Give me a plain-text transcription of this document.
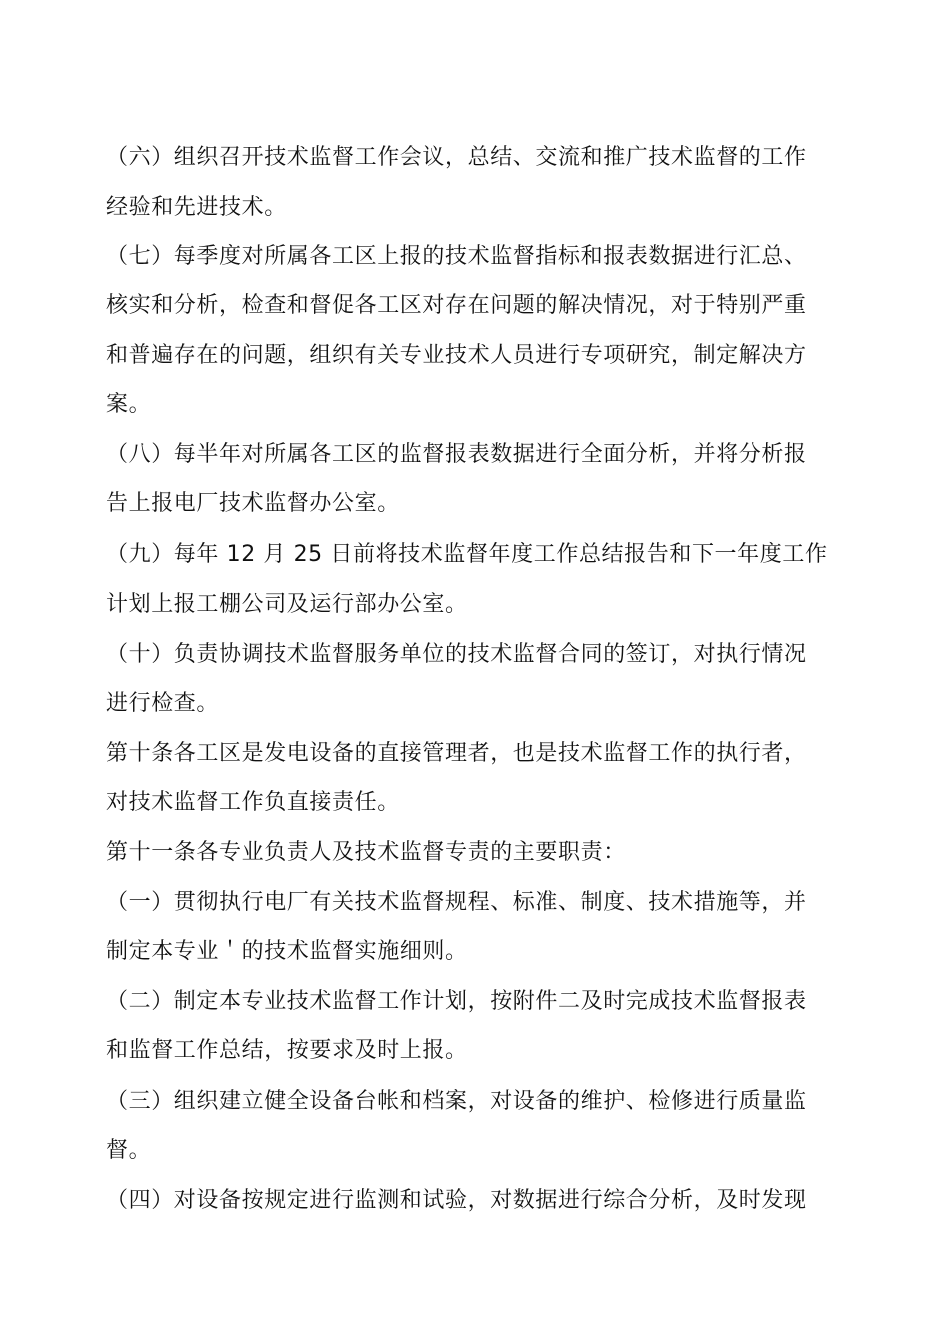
（六）组织召开技术监督工作会议，总结、交流和推广技术监督的工作
经验和先进技术。
（七）每季度对所属各工区上报的技术监督指标和报表数据进行汇总、
核实和分析，检查和督促各工区对存在问题的解决情况，对于特别严重
和普遍存在的问题，组织有关专业技术人员进行专项研究，制定解决方
案。
（八）每半年对所属各工区的监督报表数据进行全面分析，并将分析报
告上报电厂技术监督办公室。
（九）每年 12 月 25 日前将技术监督年度工作总结报告和下一年度工作
计划上报工棚公司及运行部办公室。
（十）负责协调技术监督服务单位的技术监督合同的签订，对执行情况
进行检查。
第十条各工区是发电设备的直接管理者，也是技术监督工作的执行者，
对技术监督工作负直接责任。
第十一条各专业负责人及技术监督专责的主要职责：
（一）贯彻执行电厂有关技术监督规程、标准、制度、技术措施等，并
制定本专业＇的技术监督实施细则。
（二）制定本专业技术监督工作计划，按附件二及时完成技术监督报表
和监督工作总结，按要求及时上报。
（三）组织建立健全设备台帐和档案，对设备的维护、检修进行质量监
督。
（四）对设备按规定进行监测和试验，对数据进行综合分析，及时发现
